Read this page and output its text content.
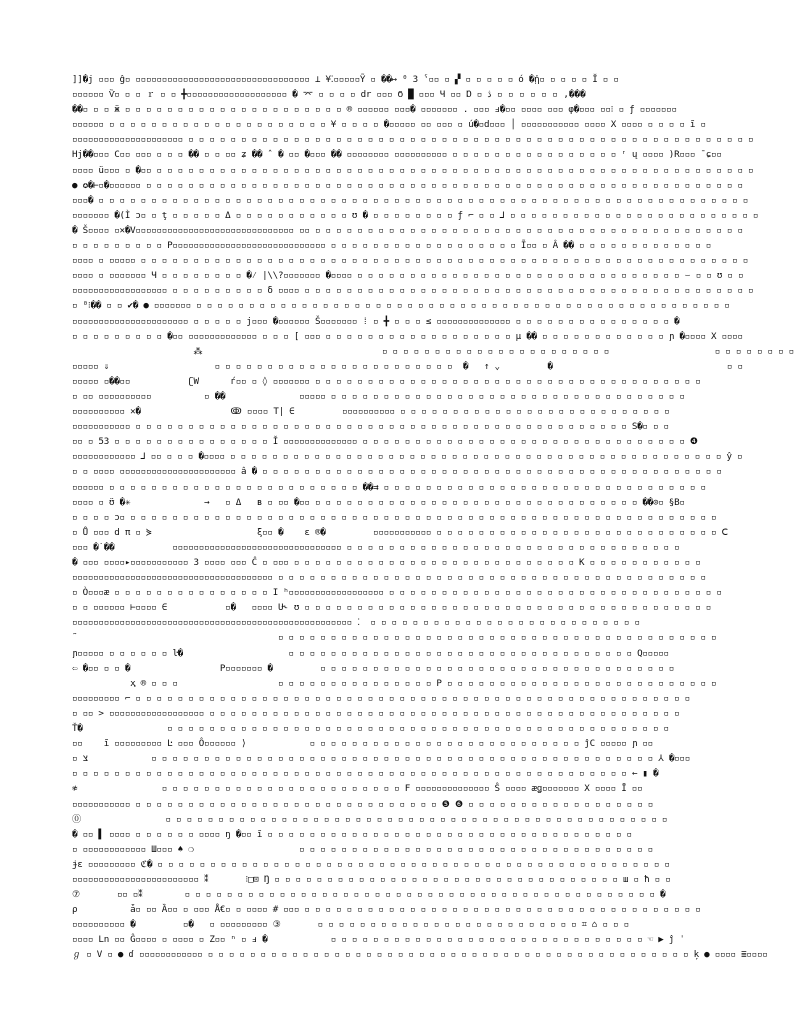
]]�j ▫▫▫ ĝ▫ ▫▫▫▫▫▫▫▫▫▫▫▫▫▫▫▫▫▫▫▫▫▫▫▫▫▫▫▫▫▫▫▫▫ ⊥ ¥⁚▫▫▫▫▫Ỹ ▫ ��↦ ⁰ 3 ˁ▫▫ ▫ ▞ ▫ ▫ ▫ ▫ ▫ ó �ᾐ▫ ▫ ▫ ▫ ▫ Ĭ ▫ ▫
▫▫▫▫▫▫ Ѷ▫ ▫ ▫ ｒ ▫ ▫ ╋▫▫▫▫▫▫▫▫▫▫▫▫▫▫▫▫▫▫▫ � ⌤ ▫ ▫ ▫ ▫ dr ▫▫▫ Ϭ █ ▫▫▫ Ч ▫▫ Ɒ ▫ ڎ ▫ ▫ ▫ ▫ ▫ ▫ ,���
��▫ ▫ ▫ ӝ ▫ ▫ ▫ ▫ ▫ ▫ ▫ ▫ ▫ ▫ ▫ ▫ ▫ ▫ ▫ ▫ ▫ ▫ ▫ ▫ ▫ ® ▫▫▫▫▫▫ ▫▫▫� ▫▫▫▫▫▫▫ . ▫▫▫ ⅎ�▫▫ ▫▫▫▫ ▫▫▫ φ�▫▫▫ ▫▫⁝ ▫ ƒ ▫▫▫▫▫▫▫
▫▫▫▫▫▫ ▫ ▫ ▫ ▫ ▫ ▫ ▫ ▫ ▫ ▫ ▫ ▫ ▫ ▫ ▫ ▫ ▫ ▫ ▫ ▫ ▫ ¥ ▫ ▫ ▫ ▫ �▫▫▫▫▫ ▫▫ ▫▫▫ ▫ ú�▫d▫▫▫ │ ▫▫▫▫▫▫▫▫▫▫▫ ▫▫▫▫ X ▫▫▫▫ ▫ ▫ ▫ ▫ ĩ ▫
▫▫▫▫▫▫▫▫▫▫▫▫▫▫▫▫▫▫▫▫▫ ▫ ▫ ▫ ▫ ▫ ▫ ▫ ▫ ▫ ▫ ▫ ▫ ▫ ▫ ▫ ▫ ▫ ▫ ▫ ▫ ▫ ▫ ▫ ▫ ▫ ▫ ▫ ▫ ▫ ▫ ▫ ▫ ▫ ▫ ▫ ▫ ▫ ▫ ▫ ▫ ▫ ▫ ▫ ▫ ▫ ▫ ▫ ▫ ▫ ▫ ▫ ▫ ▫ ▫
Hj��▫▫▫ C▫▫ ▫▫▫ ▫ ▫ ▫ �� ▫ ▫ ▫▫ ʑ �� ˆ � ▫▫ �▫▫▫ �� ▫▫▫▫▫▫▫▫ ▫▫▫▫▫▫▫▫▫▫ ▫ ▫ ▫ ▫ ▫ ▫ ▫ ▫ ▫ ▫ ▫ ▫ ▫ ▫ ▫ ▫ ʳ ų ▫▫▫▫ )R▫▫▫ ¯ɕ▫▫
▫▫▫▫ ü▫▫▫ ▫ �▫▫ ▫ ▫ ▫ ▫ ▫ ▫ ▫ ▫ ▫ ▫ ▫ ▫ ▫ ▫ ▫ ▫ ▫ ▫ ▫ ▫ ▫ ▫ ▫ ▫ ▫ ▫ ▫ ▫ ▫ ▫ ▫ ▫ ▫ ▫ ▫ ▫ ▫ ▫ ▫ ▫ ▫ ▫ ▫ ▫ ▫ ▫ ▫ ▫ ▫ ▫ ▫ ▫ ▫ ▫ ▫ ▫ ▫
● ✪�⊢▫�▫▫▫▫▫▫ ▫ ▫ ▫ ▫ ▫ ▫ ▫ ▫ ▫ ▫ ▫ ▫ ▫ ▫ ▫ ▫ ▫ ▫ ▫ ▫ ▫ ▫ ▫ ▫ ▫ ▫ ▫ ▫ ▫ ▫ ▫ ▫ ▫ ▫ ▫ ▫ ▫ ▫ ▫ ▫ ▫ ▫ ▫ ▫ ▫ ▫ ▫ ▫ ▫ ▫ ▫ ▫ ▫ ▫ ▫ ▫ ▫
▫▫▫� ▫ ▫ ▫ ▫ ▫ ▫ ▫ ▫ ▫ ▫ ▫ ▫ ▫ ▫ ▫ ▫ ▫ ▫ ▫ ▫ ▫ ▫ ▫ ▫ ▫ ▫ ▫ ▫ ▫ ▫ ▫ ▫ ▫ ▫ ▫ ▫ ▫ ▫ ▫ ▫ ▫ ▫ ▫ ▫ ▫ ▫ ▫ ▫ ▫ ▫ ▫ ▫ ▫ ▫ ▫ ▫ ▫ ▫ ▫ ▫ ▫ ▫
▫▫▫▫▫▫▫ �(Ì ɔ▫ ▫ ţ ▫ ▫ ▫ ▫ ▫ Δ ▫ ▫ ▫ ▫ ▫ ▫ ▫ ▫ ▫ ▫ ▫ ʊ � ▫ ▫ ▫ ▫ ▫ ▫ ▫ ▫ ƒ ⌐ ▫ ▫ ⅃ ▫ ▫ ▫ ▫ ▫ ▫ ▫ ▫ ▫ ▫ ▫ ▫ ▫ ▫ ▫ ▫ ▫ ▫ ▫ ▫ ▫ ▫ ▫ ▫
� Š▫▫▫▫ ▫✕�V▫▫▫▫▫▫▫▫▫▫▫▫▫▫▫▫▫▫▫▫▫▫▫▫▫▫▫▫▫▫ ▫▫ ▫ ▫ ▫ ▫ ▫ ▫ ▫ ▫ ▫ ▫ ▫ ▫ ▫ ▫ ▫ ▫ ▫ ▫ ▫ ▫ ▫ ▫ ▫ ▫ ▫ ▫ ▫ ▫ ▫ ▫ ▫ ▫ ▫ ▫ ▫ ▫ ▫ ▫ ▫ ▫ ▫
▫ ▫ ▫ ▫ ▫ ▫ ▫ ▫ ▫ P▫▫▫▫▫▫▫▫▫▫▫▫▫▫▫▫▫▫▫▫▫▫▫▫▫▫▫▫▫ ▫ ▫ ▫ ▫ ▫ ▫ ▫ ▫ ▫ ▫ ▫ ▫ ▫ ▫ ▫ ▫ ▫ ▫ Ĩ▫▫ ▫ Â �� ▫ ▫ ▫ ▫ ▫ ▫ ▫ ▫ ▫ ▫ ▫ ▫ ▫
▫▫▫▫ ▫ ▫▫▫▫▫ ▫ ▫ ▫ ▫ ▫ ▫ ▫ ▫ ▫ ▫ ▫ ▫ ▫ ▫ ▫ ▫ ▫ ▫ ▫ ▫ ▫ ▫ ▫ ▫ ▫ ▫ ▫ ▫ ▫ ▫ ▫ ▫ ▫ ▫ ▫ ▫ ▫ ▫ ▫ ▫ ▫ ▫ ▫ ▫ ▫ ▫ ▫ ▫ ▫ ▫ ▫ ▫ ▫ ▫ ▫ ▫ ▫ ▫
▫▫▫▫ ▫ ▫▫▫▫▫▫▫ Ч ▫ ▫ ▫ ▫ ▫ ▫ ▫ ▫ �⁄ |\\?▫▫▫▫▫▫▫ �▫▫▫▫ ▫ ▫ ▫ ▫ ▫ ▫ ▫ ▫ ▫ ▫ ▫ ▫ ▫ ▫ ▫ ▫ ▫ ▫ ▫ ▫ ▫ ▫ ▫ ▫ ▫ ▫ ▫ ▫ ▫ ▫ ▫ ⌣ ▫ ▫ ʊ ▫ ▫
▫▫▫▫▫▫▫▫▫▫▫▫▫▫▫▫▫▫ ▫ ▫ ▫ ▫ ▫ ▫ ▫ ▫ ▫ δ ▫▫▫▫ ▫ ▫ ▫ ▫ ▫ ▫ ▫ ▫ ▫ ▫ ▫ ▫ ▫ ▫ ▫ ▫ ▫ ▫ ▫ ▫ ▫ ▫ ▫ ▫ ▫ ▫ ▫ ▫ ▫ ▫ ▫ ▫ ▫ ▫ ▫ ▫ ▫ ▫ ▫ ▫ ▫ ▫ ▫
▫ ⁰⁝�� ▫ ▫ ✔� ● ▫▫▫▫▫▫▫ ▫ ▫ ▫ ▫ ▫ ▫ ▫ ▫ ▫ ▫ ▫ ▫ ▫ ▫ ▫ ▫ ▫ ▫ ▫ ▫ ▫ ▫ ▫ ▫ ▫ ▫ ▫ ▫ ▫ ▫ ▫ ▫ ▫ ▫ ▫ ▫ ▫ ▫ ▫ ▫ ▫ ▫ ▫ ▫ ▫ ▫ ▫ ▫ ▫ ▫ ▫
▫▫▫▫▫▫▫▫▫▫▫▫▫▫▫▫▫▫▫▫▫▫ ▫ ▫ ▫ ▫ ▫ j▫▫▫ �▫▫▫▫▫▫ Š▫▫▫▫▫▫▫ ⁞ ▫ ╋ ▫ ▫ ▫ ≤ ▫▫▫▫▫▫▫▫▫▫▫▫▫▫ ▫ ▫ ▫ ▫ ▫ ▫ ▫ ▫ ▫ ▫ ▫ ▫ ▫ ▫ ▫ �
▫ ▫ ▫ ▫ ▫ ▫ ▫ ▫ ▫ �▫▫ ▫▫▫▫▫▫▫▫▫▫▫▫▫ ▫ ▫ ▫ [ ▫▫▫ ▫ ▫ ▫ ▫ ▫ ▫ ▫ ▫ ▫ ▫ ▫ ▫ ▫ ▫ ▫ ▫ ▫ ▫ μ �� ▫ ▫ ▫ ▫ ▫ ▫ ▫ ▫ ▫ ▫ ▫ ▫ ɲ �▫▫▫▫ X ▫▫▫▫
⁂                                  ▫ ▫ ▫ ▫ ▫ ▫ ▫ ▫ ▫ ▫ ▫ ▫ ▫ ▫ ▫ ▫ ▫ ▫ ▫ ▫ ▫ ▫                    ▫ ▫ ▫ ▫ ▫ ▫ ▫ ▫
▫▫▫▫▫ ⇓                    ▫ ▫ ▫ ▫ ▫ ▫ ▫ ▫ ▫ ▫ ▫ ▫ ▫ ▫ ▫ ▫ ▫ ▫ ▫ ▫ ▫ ▫ ▫  �   ↑ ⌄         �                                 ▫ ▫
▫▫▫▫▫ ▫��▫▫           ʗW      ѓ▫▫ ▫ ◊ ▫▫▫▫▫▫▫ ▫ ▫ ▫ ▫ ▫ ▫ ▫ ▫ ▫ ▫ ▫ ▫ ▫ ▫ ▫ ▫ ▫ ▫ ▫ ▫ ▫ ▫ ▫ ▫ ▫ ▫ ▫ ▫ ▫ ▫ ▫ ▫ ▫ ▫ ▫ ▫ ▫
▫ ▫▫ ▫▫▫▫▫▫▫▫▫▫          ▫ ��              ▫▫▫▫▫ ▫ ▫ ▫ ▫ ▫ ▫ ▫ ▫ ▫ ▫ ▫ ▫ ▫ ▫ ▫ ▫ ▫ ▫ ▫ ▫ ▫ ▫ ▫ ▫ ▫ ▫ ▫ ▫ ▫ ▫ ▫ ▫ ▫ ▫
▫▫▫▫▫▫▫▫▫▫ ✕�                 ↂ ▫▫▫▫ T| ∈         ▫▫▫▫▫▫▫▫▫▫ ▫ ▫ ▫ ▫ ▫ ▫ ▫ ▫ ▫ ▫ ▫ ▫ ▫ ▫ ▫ ▫ ▫ ▫ ▫ ▫ ▫ ▫ ▫ ▫ ▫ ▫
▫▫▫▫▫▫▫▫▫▫▫ ▫ ▫ ▫ ▫ ▫ ▫ ▫ ▫ ▫ ▫ ▫ ▫ ▫ ▫ ▫ ▫ ▫ ▫ ▫ ▫ ▫ ▫ ▫ ▫ ▫ ▫ ▫ ▫ ▫ ▫ ▫ ▫ ▫ ▫ ▫ ▫ ▫ ▫ ▫ ▫ ▫ ▫ ▫ ▫ ▫ ▫ ▫ S�▫ ▫ ▫
▫▫ ▫ 53 ▫ ▫ ▫ ▫ ▫ ▫ ▫ ▫ ▫ ▫ ▫ ▫ ▫ ▫ ▫ Ĭ ▫▫▫▫▫▫▫▫▫▫▫▫▫▫ ▫ ▫ ▫ ▫ ▫ ▫ ▫ ▫ ▫ ▫ ▫ ▫ ▫ ▫ ▫ ▫ ▫ ▫ ▫ ▫ ▫ ▫ ▫ ▫ ▫ ▫ ▫ ▫ ▫ ▫ ▫ ❹
▫▫▫▫▫▫▫▫▫▫▫▫ ⅃ ▫▫ ▫ ▫ ▫ �▫▫▫▫ ▫ ▫ ▫ ▫ ▫ ▫ ▫ ▫ ▫ ▫ ▫ ▫ ▫ ▫ ▫ ▫ ▫ ▫ ▫ ▫ ▫ ▫ ▫ ▫ ▫ ▫ ▫ ▫ ▫ ▫ ▫ ▫ ▫ ▫ ▫ ▫ ▫ ▫ ▫ ▫ ▫ ▫ ▫ ▫ ▫ ▫ ▫ ŷ ▫
▫ ▫ ▫▫▫▫ ▫▫▫▫▫▫▫▫▫▫▫▫▫▫▫▫▫▫▫▫▫▫ â � ▫ ▫ ▫ ▫ ▫ ▫ ▫ ▫ ▫ ▫ ▫ ▫ ▫ ▫ ▫ ▫ ▫ ▫ ▫ ▫ ▫ ▫ ▫ ▫ ▫ ▫ ▫ ▫ ▫ ▫ ▫ ▫ ▫ ▫ ▫ ▫ ▫ ▫ ▫ ▫ ▫ ▫ ▫ ▫
▫▫▫▫▫▫ ▫ ▫ ▫ ▫ ▫ ▫ ▫ ▫ ▫ ▫ ▫ ▫ ▫ ▫ ▫ ▫ ▫ ▫ ▫ ▫ ▫ ▫ ▫ ▫ ��⇉ ▫ ▫ ▫ ▫ ▫ ▫ ▫ ▫ ▫ ▫ ▫ ▫ ▫ ▫ ▫ ▫ ▫ ▫ ▫ ▫ ▫ ▫ ▫ ▫ ▫ ▫ ▫ ▫ ▫ ▫ ▫
▫▫▫▫ ▫ ʊ̈ �✳              →   ▫ Δ   ʙ ▫ ▫▫ �▫▫ ▫ ▫ ▫ ▫ ▫ ▫ ▫ ▫ ▫ ▫ ▫ ▫ ▫ ▫ ▫ ▫ ▫ ▫ ▫ ▫ ▫ ▫ ▫ ▫ ▫ ▫ ▫ ▫ ▫ ▫ ▫ ��⊙▫ §B▫
▫ ▫ ▫ ▫ ɔ▫ ▫ ▫ ▫ ▫ ▫ ▫ ▫ ▫ ▫ ▫ ▫ ▫ ▫ ▫ ▫ ▫ ▫ ▫ ▫ ▫ ▫ ▫ ▫ ▫ ▫ ▫ ▫ ▫ ▫ ▫ ▫ ▫ ▫ ▫ ▫ ▫ ▫ ▫ ▫ ▫ ▫ ▫ ▫ ▫ ▫ ▫ ▫ ▫ ▫ ▫ ▫ ▫ ▫ ▫ ▫ ▫
▫ Ů ▫▫▫ d π ▫ ⋟                    ξ▫▫ �    ε ®�         ▫▫▫▫▫▫▫▫▫▫▫ ▫ ▫ ▫ ▫ ▫ ▫ ▫ ▫ ▫ ▫ ▫ ▫ ▫ ▫ ▫ ▫ ▫ ▫ ▫ ▫ ▫ ▫ ▫ ▫ ▫ ▫ ▫ Ⅽ
▫▫▫ �˙��           ▫▫▫▫▫▫▫▫▫▫▫▫▫▫▫▫▫▫▫▫▫▫▫▫▫▫▫▫▫▫▫▫ ▫ ▫ ▫ ▫ ▫ ▫ ▫ ▫ ▫ ▫ ▫ ▫ ▫ ▫ ▫ ▫ ▫ ▫ ▫ ▫ ▫ ▫ ▫ ▫ ▫ ▫ ▫ ▫ ▫ ▫ ▫ ▫
� ▫▫▫ ▫▫▫▫▸▫▫▫▫▫▫▫▫▫▫▫ 3 ▫▫▫▫ ▫▫▫ Ĉ ▫ ▫▫▫ ▫ ▫ ▫ ▫ ▫ ▫ ▫ ▫ ▫ ▫ ▫ ▫ ▫ ▫ ▫ ▫ ▫ ▫ ▫ ▫ ▫ ▫ ▫ ▫ ▫ ▫ ▫ K ▫ ▫ ▫ ▫ ▫ ▫ ▫ ▫ ▫ ▫ ▫
▫▫▫▫▫▫▫▫▫▫▫▫▫▫▫▫▫▫▫▫▫▫▫▫▫▫▫▫▫▫▫▫▫▫▫▫▫▫ ▫ ▫ ▫ ▫ ▫ ▫ ▫ ▫ ▫ ▫ ▫ ▫ ▫ ▫ ▫ ▫ ▫ ▫ ▫ ▫ ▫ ▫ ▫ ▫ ▫ ▫ ▫ ▫ ▫ ▫ ▫ ▫ ▫ ▫ ▫ ▫ ▫ ▫ ▫ ▫ ▫
▫ Ò▫▫▫æ ▫ ▫ ▫ ▫ ▫ ▫ ▫ ▫ ▫ ▫ ▫ ▫ ▫ ▫ ▫ I ʰ▫▫▫▫▫▫▫▫▫▫▫▫▫▫▫▫▫▫ ▫ ▫ ▫ ▫ ▫ ▫ ▫ ▫ ▫ ▫ ▫ ▫ ▫ ▫ ▫ ▫ ▫ ▫ ▫ ▫ ▫ ▫ ▫ ▫ ▫ ▫ ▫ ▫ ▫ ▫ ▫ ▫
▫ ▫ ▫▫▫▫▫▫ ⊢▫▫▫▫ ∈           ▫�   ▫▫▫▫ U˞ ʊ ▫ ▫ ▫ ▫ ▫ ▫ ▫ ▫ ▫ ▫ ▫ ▫ ▫ ▫ ▫ ▫ ▫ ▫ ▫ ▫ ▫ ▫ ▫ ▫ ▫ ▫ ▫ ▫ ▫ ▫ ▫ ▫ ▫ ▫ ▫ ▫ ▫ ▫ ▫
▫▫▫▫▫▫▫▫▫▫▫▫▫▫▫▫▫▫▫▫▫▫▫▫▫▫▫▫▫▫▫▫▫▫▫▫▫▫▫▫▫▫▫▫▫▫▫▫▫▫▫▫▫ ⁚  ▫ ▫ ▫ ▫ ▫ ▫ ▫ ▫ ▫ ▫ ▫ ▫ ▫ ▫ ▫ ▫ ▫ ▫ ▫ ▫ ▫ ▫ ▫ ▫ ▫ ▫
˜                                      ▫ ▫ ▫ ▫ ▫ ▫ ▫ ▫ ▫ ▫ ▫ ▫ ▫ ▫ ▫ ▫ ▫ ▫ ▫ ▫ ▫ ▫ ▫ ▫ ▫ ▫ ▫ ▫ ▫ ▫ ▫ ▫ ▫ ▫ ▫ ▫ ▫ ▫ ▫ ▫ ▫ ▫
ɲ▫▫▫▫▫ ▫ ▫ ▫ ▫ ▫ ▫ ŀ�                    ▫ ▫ ▫ ▫ ▫ ▫ ▫ ▫ ▫ ▫ ▫ ▫ ▫ ▫ ▫ ▫ ▫ ▫ ▫ ▫ ▫ ▫ ▫ ▫ ▫ ▫ ▫ ▫ ▫ ▫ ▫ ▫ ▫ Q▫▫▫▫▫
⇦ �▫▫ ▫ ▫ �                 P▫▫▫▫▫▫▫ �         ▫ ▫ ▫ ▫ ▫ ▫ ▫ ▫ ▫ ▫ ▫ ▫ ▫ ▫ ▫ ▫ ▫ ▫ ▫ ▫ ▫ ▫ ▫ ▫ ▫ ▫ ▫ ▫ ▫ ▫ ▫ ▫ ▫ ▫
ҳ ® ▫ ▫ ▫                   ▫ ▫ ▫ ▫ ▫ ▫ ▫ ▫ ▫ ▫ ▫ ▫ ▫ ▫ ▫ P ▫ ▫ ▫ ▫ ▫ ▫ ▫ ▫ ▫ ▫ ▫ ▫ ▫ ▫ ▫ ▫ ▫ ▫ ▫ ▫ ▫ ▫ ▫ ▫ ▫ ▫
▫▫▫▫▫▫▫▫▫ ⌐ ▫ ▫ ▫ ▫ ▫ ▫ ▫ ▫ ▫ ▫ ▫ ▫ ▫ ▫ ▫ ▫ ▫ ▫ ▫ ▫ ▫ ▫ ▫ ▫ ▫ ▫ ▫ ▫ ▫ ▫ ▫ ▫ ▫ ▫ ▫ ▫ ▫ ▫ ▫ ▫ ▫ ▫ ▫ ▫ ▫ ▫ ▫ ▫ ▫ ▫ ▫ ▫ ▫
▫ ▫▫ > ▫▫▫▫▫▫▫▫▫▫▫▫▫▫▫▫▫▫ ▫ ▫ ▫ ▫ ▫ ▫ ▫ ▫ ▫ ▫ ▫ ▫ ▫ ▫ ▫ ▫ ▫ ▫ ▫ ▫ ▫ ▫ ▫ ▫ ▫ ▫ ▫ ▫ ▫ ▫ ▫ ▫ ▫ ▫ ▫ ▫ ▫ ▫ ▫ ▫ ▫ ▫ ▫ ▫ ▫
Ť�                ▫ ▫ ▫ ▫ ▫ ▫ ▫ ▫ ▫ ▫ ▫ ▫ ▫ ▫ ▫ ▫ ▫ ▫ ▫ ▫ ▫ ▫ ▫ ▫ ▫ ▫ ▫ ▫ ▫ ▫ ▫ ▫ ▫ ▫ ▫ ▫ ▫ ▫ ▫ ▫ ▫ ▫ ▫ ▫ ▫ ▫ ▫ ▫
▫▫    ĩ ▫▫▫▫▫▫▫▫▫ Ŀ ▫▫▫ Ô▫▫▫▫▫▫ ⟩            ▫ ▫ ▫ ▫ ▫ ▫ ▫ ▫ ▫ ▫ ▫ ▫ ▫ ▫ ▫ ▫ ▫ ▫ ▫ ▫ ▫ ▫ ▫ ▫ ▫ ▫ ĵC ▫▫▫▫▫ ɲ ▫▫
▫ צ            ▫ ▫ ▫ ▫ ▫ ▫ ▫ ▫ ▫ ▫ ▫ ▫ ▫ ▫ ▫ ▫ ▫ ▫ ▫ ▫ ▫ ▫ ▫ ▫ ▫ ▫ ▫ ▫ ▫ ▫ ▫ ▫ ▫ ▫ ▫ ▫ ▫ ▫ ▫ ▫ ▫ ▫ ▫ ▫ ▫ ▫ ▫ ▫ ⅄ �▫▫▫
▫ ▫ ▫ ▫ ▫ ▫ ▫ ▫ ▫ ▫ ▫ ▫ ▫ ▫ ▫ ▫ ▫ ▫ ▫ ▫ ▫ ▫ ▫ ▫ ▫ ▫ ▫ ▫ ▫ ▫ ▫ ▫ ▫ ▫ ▫ ▫ ▫ ▫ ▫ ▫ ▫ ▫ ▫ ▫ ▫ ▫ ▫ ▫ ▫ ▫ ▫ ▫ ▫ ← ▮ �
≉                ▫ ▫ ▫ ▫ ▫ ▫ ▫ ▫ ▫ ▫ ▫ ▫ ▫ ▫ ▫ ▫ ▫ ▫ ▫ ▫ ▫ ▫ ▫ F ▫▫▫▫▫▫▫▫▫▫▫▫▫▫ Ŝ ▫▫▫▫ æǥ▫▫▫▫▫▫▫ X ▫▫▫▫ Ī ▫▫
▫▫▫▫▫▫▫▫▫▫▫ ▫ ▫ ▫ ▫ ▫ ▫ ▫ ▫ ▫ ▫ ▫ ▫ ▫ ▫ ▫ ▫ ▫ ▫ ▫ ▫ ▫ ▫ ▫ ▫ ▫ ▫ ▫ ▫ ▫ ❺ ❻ ▫ ▫ ▫ ▫ ▫ ▫ ▫ ▫ ▫ ▫ ▫ ▫ ▫ ▫ ▫ ▫ ▫ ▫
⓪                ▫ ▫ ▫ ▫ ▫ ▫ ▫ ▫ ▫ ▫ ▫ ▫ ▫ ▫ ▫ ▫ ▫ ▫ ▫ ▫ ▫ ▫ ▫ ▫ ▫ ▫ ▫ ▫ ▫ ▫ ▫ ▫ ▫ ▫ ▫ ▫ ▫ ▫ ▫ ▫ ▫ ▫ ▫ ▫ ▫ ▫ ▫ ▫
� ▫▫ ▌ ▫▫▫▫ ▫ ▫ ▫ ▫ ▫ ▫ ▫▫▫▫ ŋ �▫▫ ĩ ▫ ▫ ▫ ▫ ▫ ▫ ▫ ▫ ▫ ▫ ▫ ▫ ▫ ▫ ▫ ▫ ▫ ▫ ▫ ▫ ▫ ▫ ▫ ▫ ▫ ▫ ▫ ▫ ▫ ▫ ▫ ▫ ▫ ▫ ▫
▫ ▫▫▫▫▫▫▫▫▫▫▫▫ Ш▫▫▫ ♠ ❍                    ▫ ▫ ▫ ▫ ▫ ▫ ▫ ▫ ▫ ▫ ▫ ▫ ▫ ▫ ▫ ▫ ▫ ▫ ▫ ▫ ▫ ▫ ▫ ▫ ▫ ▫ ▫ ▫ ▫ ▫ ▫ ▫ ▫ ▫
ɉɛ ▫▫▫▫▫▫▫▫▫ ℭ� ▫ ▫ ▫ ▫ ▫ ▫ ▫ ▫ ▫ ▫ ▫ ▫ ▫ ▫ ▫ ▫ ▫ ▫ ▫ ▫ ▫ ▫ ▫ ▫ ▫ ▫ ▫ ▫ ▫ ▫ ▫ ▫ ▫ ▫ ▫ ▫ ▫ ▫ ▫ ▫ ▫ ▫ ▫ ▫ ▫ ▫ ▫ ▫ ▫
▫▫▫▫▫▫▫▫▫▫▫▫▫▫▫▫▫▫▫▫▫▫▫▫ ⁑       ⁝□⊡ Ŋ ▫ ▫ ▫ ▫ ▫ ▫ ▫ ▫ ▫ ▫ ▫ ▫ ▫ ▫ ▫ ▫ ▫ ▫ ▫ ▫ ▫ ▫ ▫ ▫ ▫ ▫ ▫ ▫ ▫ ▫ ▫ ▫ ▫ ш ▫ ħ ▫ ▫
⑦       ▫▫ ▫⁑        ▫ ▫ ▫ ▫ ▫ ▫ ▫ ▫ ▫ ▫ ▫ ▫ ▫ ▫ ▫ ▫ ▫ ▫ ▫ ▫ ▫ ▫ ▫ ▫ ▫ ▫ ▫ ▫ ▫ ▫ ▫ ▫ ▫ ▫ ▫ ▫ ▫ ▫ ▫ ▫ ▫ ▫ ▫ ▫ ▫ �
ρ          ǡ▫ ▫▫ Ȁ▫▫ ▫ ▫▫▫ Å€▫ ▫ ▫▫▫▫ # ▫▫▫ ▫ ▫ ▫ ▫ ▫ ▫ ▫ ▫ ▫ ▫ ▫ ▫ ▫ ▫ ▫ ▫ ▫ ▫ ▫ ▫ ▫ ▫ ▫ ▫ ▫ ▫ ▫ ▫ ▫ ▫ ▫ ▫ ▫ ▫ ▫ ▫ ▫ ▫
▫▫▫▫▫▫▫▫▫▫ �         ▫�   ▫ ▫▫▫▫▫▫▫▫▫ ③       ▫ ▫ ▫ ▫ ▫ ▫ ▫ ▫ ▫ ▫ ▫ ▫ ▫ ▫ ▫ ▫ ▫ ▫ ▫ ▫ ▫ ▫ ▫ ▫ ▫ ⌗ ⌂ ▫ ▫ ▫
▫▫▫▫ Ln ▫▫ Ĝ▫▫▫▫ ▫ ▫▫▫▫ ▫ Z▫▫ ⁿ ▫ ⅎ �            ▫ ▫ ▫ ▫ ▫ ▫ ▫ ▫ ▫ ▫ ▫ ▫ ▫ ▫ ▫ ▫ ▫ ▫ ▫ ▫ ▫ ▫ ▫ ▫ ▫ ▫ ▫ ▫ ▫ ▫ ☜ ▶ ĵ ˈ
ℊ ▫ V ▫ ● ɗ ▫▫▫▫▫▫▫▫▫▫▫▫ ▫ ▫ ▫ ▫ ▫ ▫ ▫ ▫ ▫ ▫ ▫ ▫ ▫ ▫ ▫ ▫ ▫ ▫ ▫ ▫ ▫ ▫ ▫ ▫ ▫ ▫ ▫ ▫ ▫ ▫ ▫ ▫ ▫ ▫ ▫ ▫ ▫ ▫ ▫ ▫ ▫ ▫ ▫ ▫ ▫ ▫ ķ ● ▫▫▫▫ ≣▫▫▫▫
